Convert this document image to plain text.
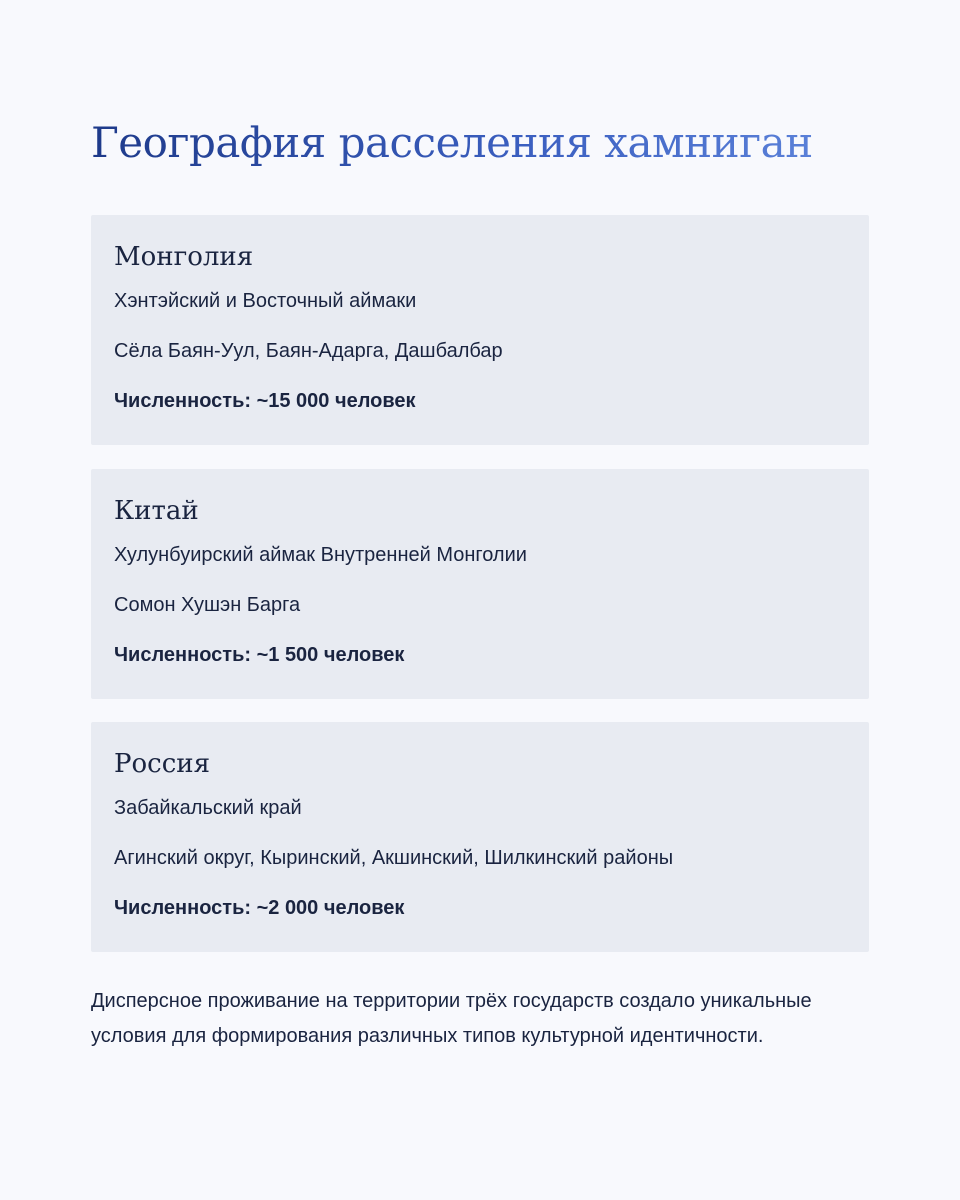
География расселения хамниган
Монголия

Хэнтэйский и Восточный аймаки

Сёла Баян-Уул, Баян-Адарга, Дашбалбар

Численность: ~15 000 человек

Китай

Хулунбуирский аймак Внутренней Монголии

Сомон Хушэн Барга

Численность: ~1 500 человек

Россия

Забайкальский край

Агинский округ, Кыринский, Акшинский, Шилкинский районы

Численность: ~2 000 человек

Дисперсное проживание на территории трёх государств создало уникальные условия для формирования различных типов культурной идентичности.
